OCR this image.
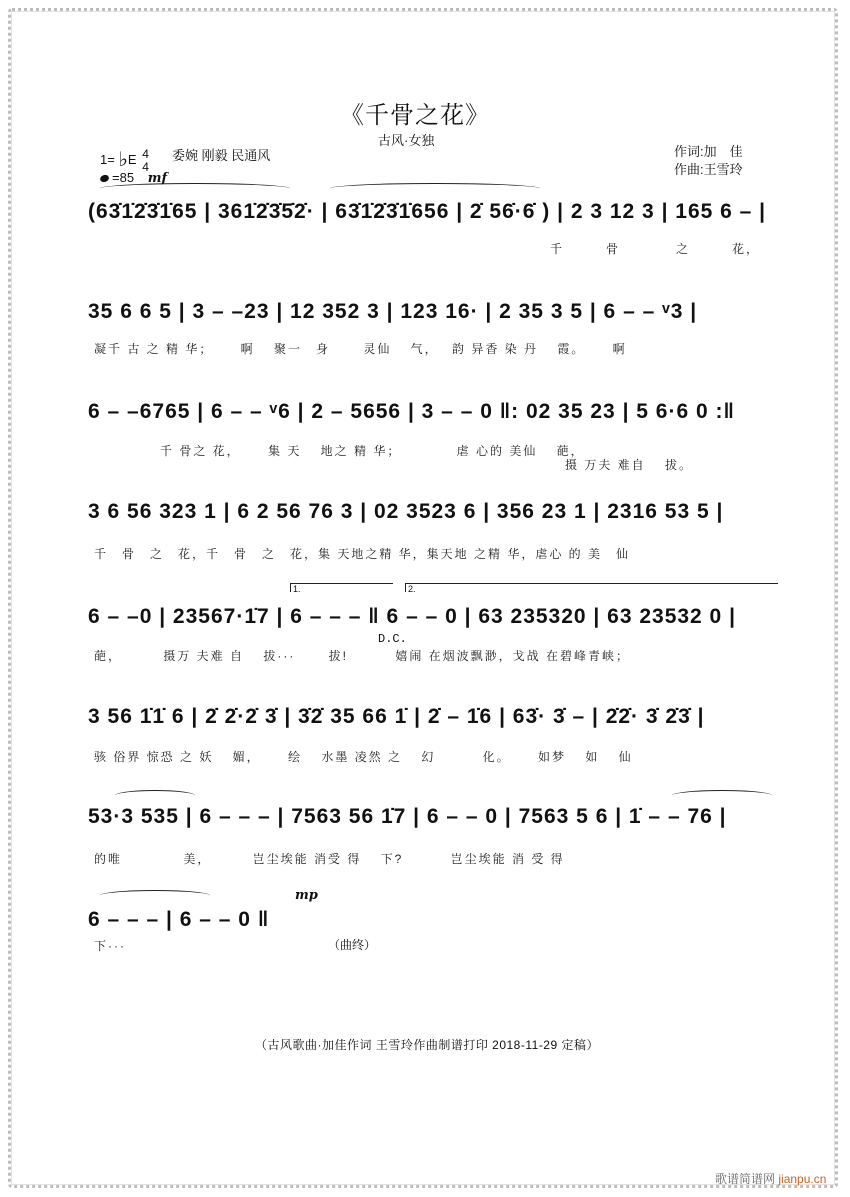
《千骨之花》
古风·女独
1= ♭E 4
4
委婉 刚毅 民通风	作词:加　佳
作曲:王雪玲
=85 mf
(63̇1̇2̇3̇1̇65 | 361̇2̇3̇5̇2̇· | 63̇1̇2̇3̇1̇656 | 2̇ 56̇·6̇ ) | 2 3 12 3 | 165 6 – |
千　　　骨　　　　之　　　花，
35 6 6 5 | 3 – –23 | 12 352 3 | 123 16· | 2 35 3 5 | 6 – – ᵛ3 |
凝千 古 之 精 华；　　 啊　 聚一　身　　 灵仙　 气，　 韵 异香 染 丹　 霞。　　 啊
6 – –6765 | 6 – – ᵛ6 | 2 – 5656 | 3 – – 0 ‖: 02 35 23 | 5 6·6 0 :‖
千 骨之 花，　　 集 天　 地之 精 华；　　　　 虐 心的 美仙　 葩，
摄 万夫 难自　 拔。
3 6 56 323 1 | 6 2 56 76 3 | 02 3523 6 | 356 23 1 | 2316 53 5 |
千　骨　之　花，千　骨　之　花，集 天地之精 华，集天地 之精 华，虐心 的 美　仙
1.	2.
6 – –0 | 23567·1̇7 | 6 – – – ‖ 6 – – 0 | 63 235320 | 63 23532 0 |
D.C.
葩，　　　 摄万 夫难 自　 拔···　　 拔!　　　 嬉闹 在烟波飘渺，戈战 在碧峰青峡；
3 56 1̇1̇ 6 | 2̇ 2̇·2̇ 3̇ | 3̇2̇ 35 66 1̇ | 2̇ – 1̇6 | 63̇· 3̇ – | 2̇2̇· 3̇ 2̇3̇ |
骇 俗界 惊恐 之 妖　 媚，　　 绘　 水墨 凌然 之　 幻　　　 化。　　 如梦　 如　 仙
53·3 535 | 6 – – – | 7563 56 1̇7 | 6 – – 0 | 7563 5 6 | 1̇ – – 76 |
的唯　　　　 美，　　　 岂尘埃能 消受 得　 下?　　　 岂尘埃能 消 受 得
mp
6 – – – | 6 – – 0 ‖
下···	（曲终）
（古风歌曲·加佳作词 王雪玲作曲制谱打印 2018-11-29 定稿）
歌谱简谱网 jianpu.cn
